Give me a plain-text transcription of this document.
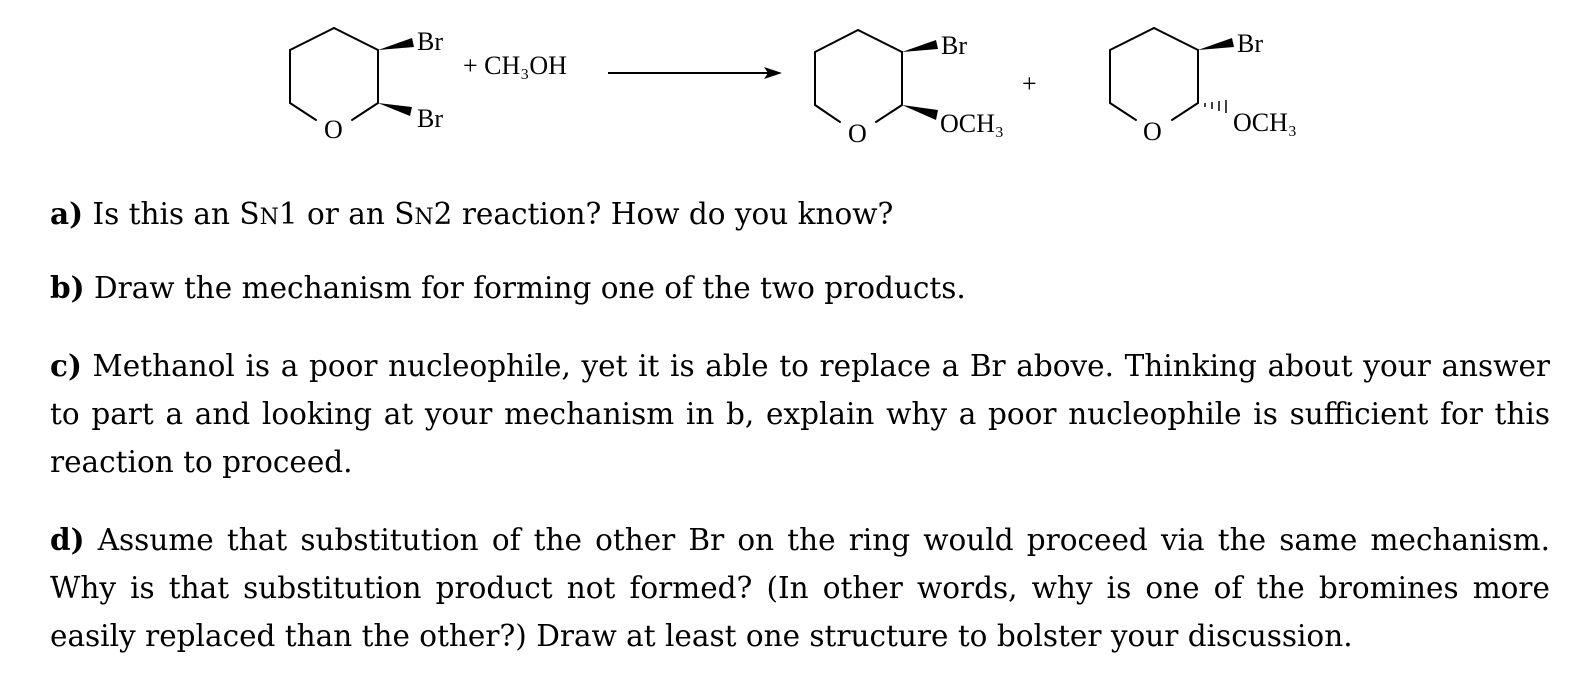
O
Br
Br
+ CH₃OH
O
Br
OCH₃
+
O
Br
OCH₃
a) Is this an SN1 or an SN2 reaction? How do you know?
b) Draw the mechanism for forming one of the two products.
c) Methanol is a poor nucleophile, yet it is able to replace a Br above. Thinking about your answer to part a and looking at your mechanism in b, explain why a poor nucleophile is sufficient for this reaction to proceed.
d) Assume that substitution of the other Br on the ring would proceed via the same mechanism. Why is that substitution product not formed? (In other words, why is one of the bromines more easily replaced than the other?) Draw at least one structure to bolster your discussion.
